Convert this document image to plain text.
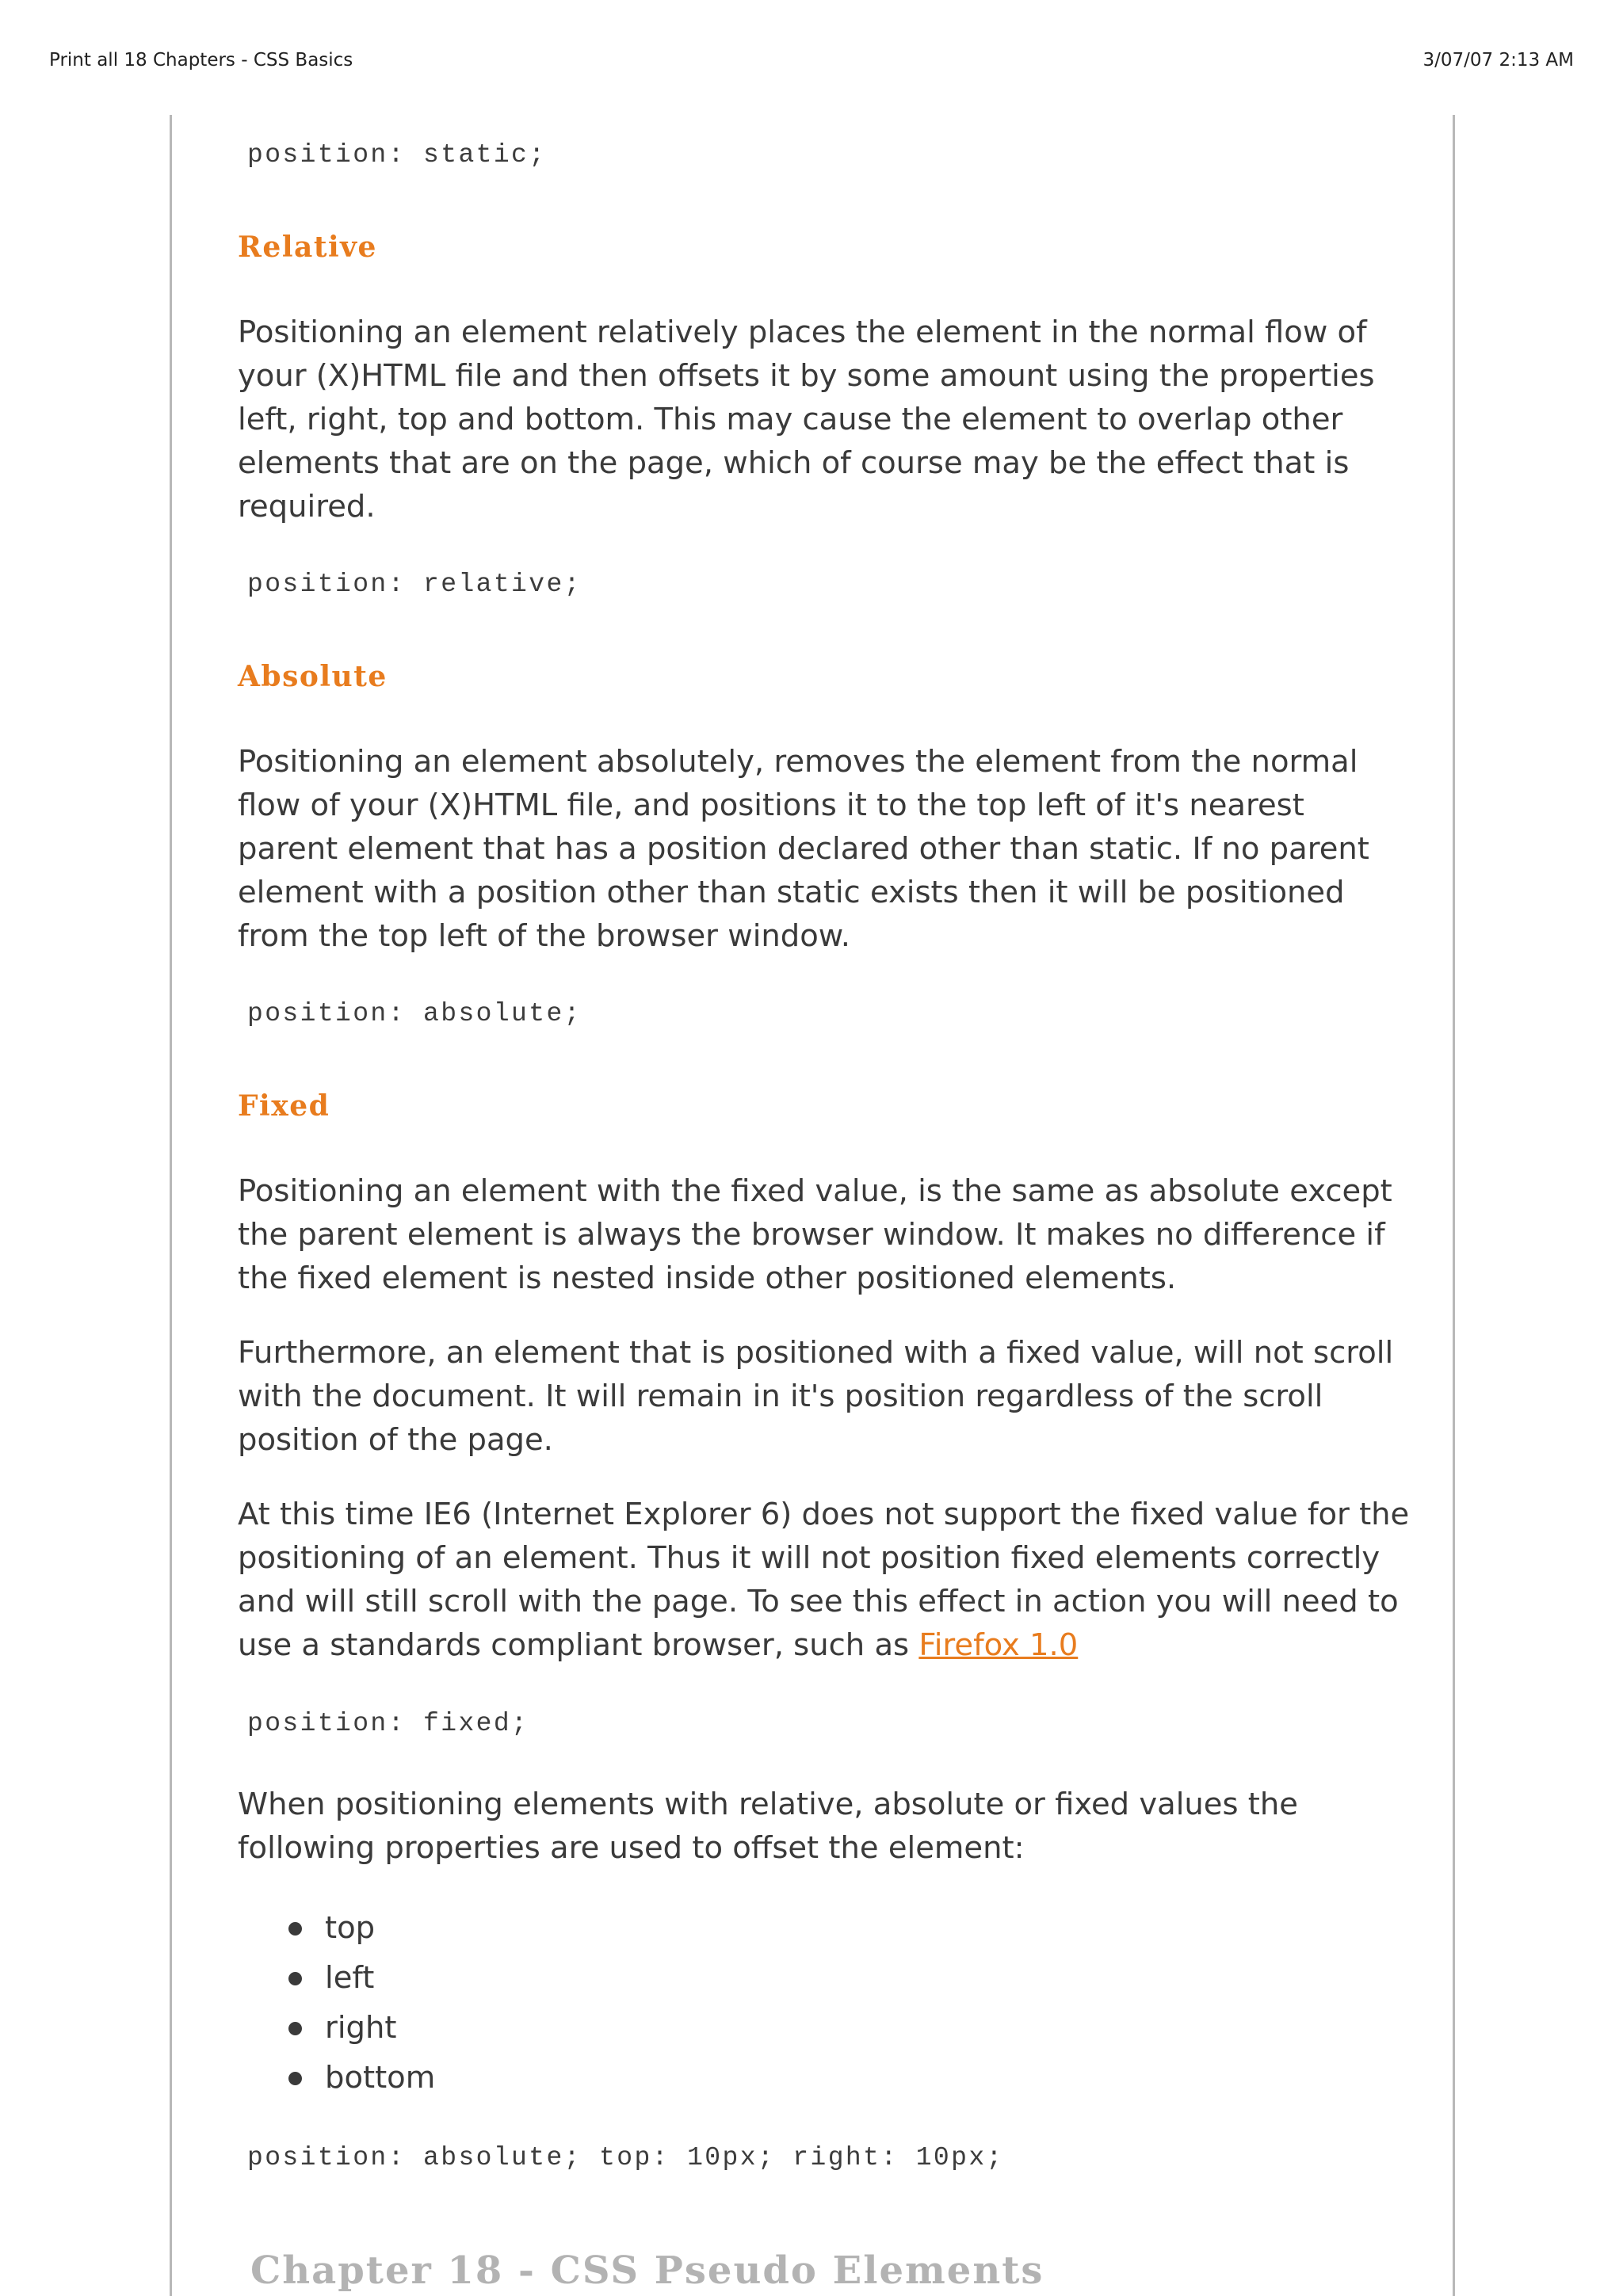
Print all 18 Chapters - CSS Basics	3/07/07 2:13 AM
position: static;
Relative

Positioning an element relatively places the element in the normal flow of your (X)HTML file and then offsets it by some amount using the properties left, right, top and bottom. This may cause the element to overlap other elements that are on the page, which of course may be the effect that is required.

position: relative;
Absolute

Positioning an element absolutely, removes the element from the normal flow of your (X)HTML file, and positions it to the top left of it's nearest parent element that has a position declared other than static. If no parent element with a position other than static exists then it will be positioned from the top left of the browser window.

position: absolute;
Fixed

Positioning an element with the fixed value, is the same as absolute except the parent element is always the browser window. It makes no difference if the fixed element is nested inside other positioned elements.

Furthermore, an element that is positioned with a fixed value, will not scroll with the document. It will remain in it's position regardless of the scroll position of the page.

At this time IE6 (Internet Explorer 6) does not support the fixed value for the positioning of an element. Thus it will not position fixed elements correctly and will still scroll with the page. To see this effect in action you will need to use a standards compliant browser, such as Firefox 1.0

position: fixed;

When positioning elements with relative, absolute or fixed values the following properties are used to offset the element:

top
left
right
bottom
position: absolute; top: 10px; right: 10px;
Chapter 18 - CSS Pseudo Elements
